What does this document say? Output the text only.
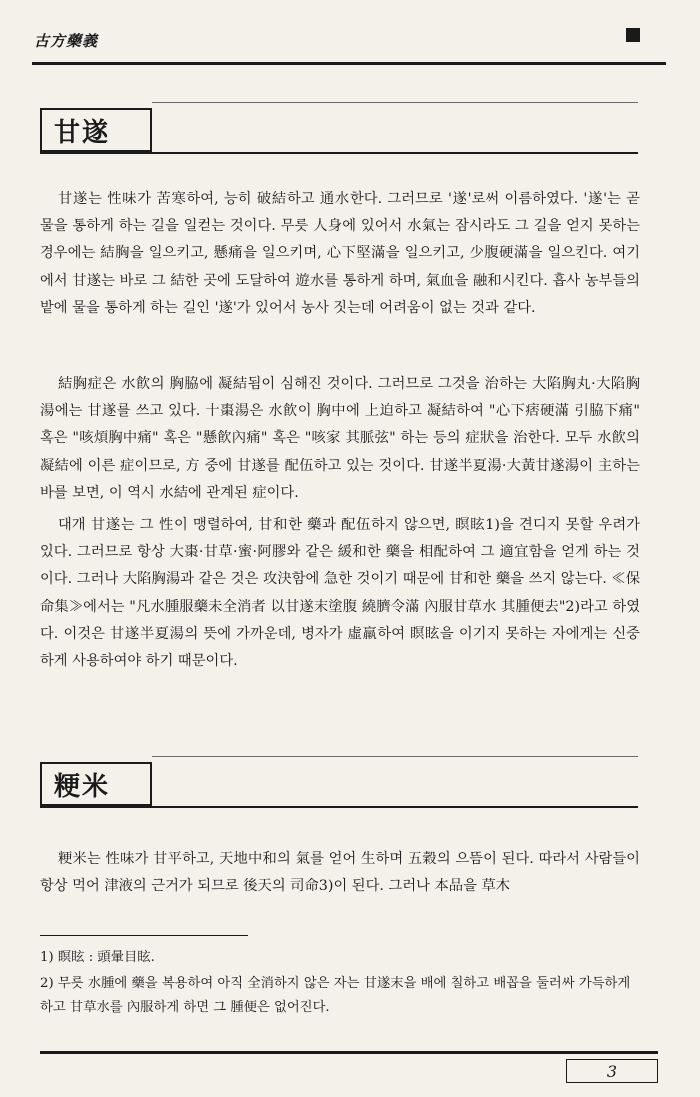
古方藥義
甘遂

甘遂는 性味가 苦寒하여, 능히 破結하고 通水한다. 그러므로 '遂'로써 이름하였다. '遂'는 곧 물을 통하게 하는 길을 일컫는 것이다. 무릇 人身에 있어서 水氣는 잠시라도 그 길을 얻지 못하는 경우에는 結胸을 일으키고, 懸痛을 일으키며, 心下堅滿을 일으키고, 少腹硬滿을 일으킨다. 여기에서 甘遂는 바로 그 結한 곳에 도달하여 遊水를 통하게 하며, 氣血을 融和시킨다. 흡사 농부들의 밭에 물을 통하게 하는 길인 '遂'가 있어서 농사 짓는데 어려움이 없는 것과 같다.

結胸症은 水飮의 胸脇에 凝結됨이 심해진 것이다. 그러므로 그것을 治하는 大陷胸丸·大陷胸湯에는 甘遂를 쓰고 있다. 十棗湯은 水飮이 胸中에 上迫하고 凝結하여 "心下痞硬滿 引脇下痛" 혹은 "咳煩胸中痛" 혹은 "懸飮內痛" 혹은 "咳家 其脈弦" 하는 등의 症狀을 治한다. 모두 水飮의 凝結에 이른 症이므로, 方 중에 甘遂를 配伍하고 있는 것이다. 甘遂半夏湯·大黃甘遂湯이 主하는 바를 보면, 이 역시 水結에 관계된 症이다.

대개 甘遂는 그 性이 맹렬하여, 甘和한 藥과 配伍하지 않으면, 瞑眩1)을 견디지 못할 우려가 있다. 그러므로 항상 大棗·甘草·蜜·阿膠와 같은 緩和한 藥을 相配하여 그 適宜함을 얻게 하는 것이다. 그러나 大陷胸湯과 같은 것은 攻決함에 急한 것이기 때문에 甘和한 藥을 쓰지 않는다. ≪保命集≫에서는 "凡水腫服藥未全消者 以甘遂末塗腹 繞臍令滿 內服甘草水 其腫便去"2)라고 하였다. 이것은 甘遂半夏湯의 뜻에 가까운데, 병자가 虛羸하여 瞑眩을 이기지 못하는 자에게는 신중하게 사용하여야 하기 때문이다.

粳米

粳米는 性味가 甘平하고, 天地中和의 氣를 얻어 生하며 五穀의 으뜸이 된다. 따라서 사람들이 항상 먹어 津液의 근거가 되므로 後天의 司命3)이 된다. 그러나 本品을 草木

1) 瞑眩 : 頭暈目眩.

2) 무릇 水腫에 藥을 복용하여 아직 全消하지 않은 자는 甘遂末을 배에 칠하고 배꼽을 둘러싸 가득하게 하고 甘草水를 內服하게 하면 그 腫便은 없어진다.

3
